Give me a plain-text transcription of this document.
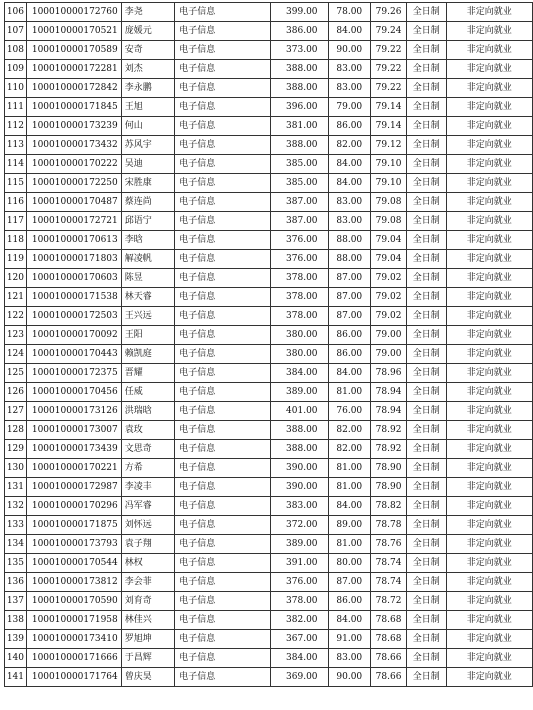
106	100010000172760	李尧	电子信息	399.00	78.00	79.26	全日制	非定向就业
107	100010000170521	庞媛元	电子信息	386.00	84.00	79.24	全日制	非定向就业
108	100010000170589	安奇	电子信息	373.00	90.00	79.22	全日制	非定向就业
109	100010000172281	刘杰	电子信息	388.00	83.00	79.22	全日制	非定向就业
110	100010000172842	李永鹏	电子信息	388.00	83.00	79.22	全日制	非定向就业
111	100010000171845	王旭	电子信息	396.00	79.00	79.14	全日制	非定向就业
112	100010000173239	何山	电子信息	381.00	86.00	79.14	全日制	非定向就业
113	100010000173432	苏风宇	电子信息	388.00	82.00	79.12	全日制	非定向就业
114	100010000170222	吴迪	电子信息	385.00	84.00	79.10	全日制	非定向就业
115	100010000172250	宋胜康	电子信息	385.00	84.00	79.10	全日制	非定向就业
116	100010000170487	蔡连尚	电子信息	387.00	83.00	79.08	全日制	非定向就业
117	100010000172721	邱语宁	电子信息	387.00	83.00	79.08	全日制	非定向就业
118	100010000170613	李晗	电子信息	376.00	88.00	79.04	全日制	非定向就业
119	100010000171803	解凌帆	电子信息	376.00	88.00	79.04	全日制	非定向就业
120	100010000170603	陈昱	电子信息	378.00	87.00	79.02	全日制	非定向就业
121	100010000171538	林天睿	电子信息	378.00	87.00	79.02	全日制	非定向就业
122	100010000172503	王兴远	电子信息	378.00	87.00	79.02	全日制	非定向就业
123	100010000170092	王阳	电子信息	380.00	86.00	79.00	全日制	非定向就业
124	100010000170443	赖凯庭	电子信息	380.00	86.00	79.00	全日制	非定向就业
125	100010000172375	晋耀	电子信息	384.00	84.00	78.96	全日制	非定向就业
126	100010000170456	任威	电子信息	389.00	81.00	78.94	全日制	非定向就业
127	100010000173126	洪瑞晗	电子信息	401.00	76.00	78.94	全日制	非定向就业
128	100010000173007	袁玫	电子信息	388.00	82.00	78.92	全日制	非定向就业
129	100010000173439	文思奇	电子信息	388.00	82.00	78.92	全日制	非定向就业
130	100010000170221	方希	电子信息	390.00	81.00	78.90	全日制	非定向就业
131	100010000172987	李凌丰	电子信息	390.00	81.00	78.90	全日制	非定向就业
132	100010000170296	冯军睿	电子信息	383.00	84.00	78.82	全日制	非定向就业
133	100010000171875	刘怀远	电子信息	372.00	89.00	78.78	全日制	非定向就业
134	100010000173793	袁子翔	电子信息	389.00	81.00	78.76	全日制	非定向就业
135	100010000170544	林权	电子信息	391.00	80.00	78.74	全日制	非定向就业
136	100010000173812	李会菲	电子信息	376.00	87.00	78.74	全日制	非定向就业
137	100010000170590	刘育奇	电子信息	378.00	86.00	78.72	全日制	非定向就业
138	100010000171958	林佳兴	电子信息	382.00	84.00	78.68	全日制	非定向就业
139	100010000173410	罗旭坤	电子信息	367.00	91.00	78.68	全日制	非定向就业
140	100010000171666	于昌辉	电子信息	384.00	83.00	78.66	全日制	非定向就业
141	100010000171764	曾庆昊	电子信息	369.00	90.00	78.66	全日制	非定向就业
